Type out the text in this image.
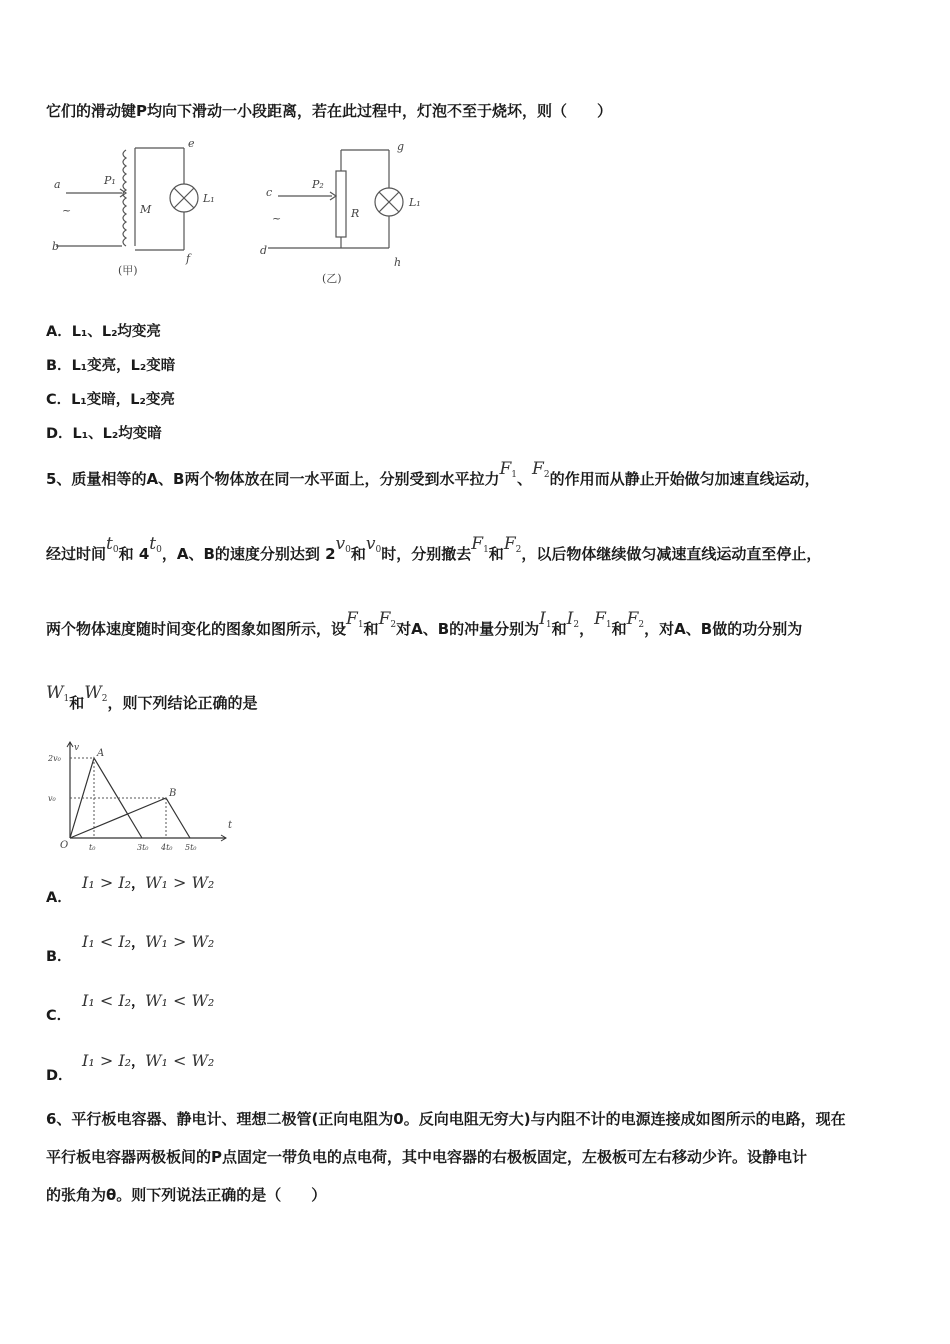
它们的滑动键P均向下滑动一小段距离，若在此过程中，灯泡不至于烧坏，则（　　）
a
~
b
P₁
M
e
L₁
f
(甲)
c
~
d
P₂
R
g
L₁
h
(乙)
A．L₁、L₂均变亮
B．L₁变亮，L₂变暗
C．L₁变暗，L₂变亮
D．L₁、L₂均变暗
5、质量相等的A、B两个物体放在同一水平面上，分别受到水平拉力$F_1$、$F_2$的作用而从静止开始做匀加速直线运动，
经过时间$t_0$和 $4t_0$，A、B的速度分别达到 $2v_0$和$v_0$时，分别撤去$F_1$和$F_2$，以后物体继续做匀减速直线运动直至停止，
两个物体速度随时间变化的图象如图所示，设$F_1$和$F_2$对A、B的冲量分别为$I_1$和$I_2$，$F_1$和$F_2$，对A、B做的功分别为
$W_1$和$W_2$，则下列结论正确的是
t
v
O
A
B
t₀	3t₀ 4t₀ 5t₀
2v₀
v₀
A．
I₁ > I₂，W₁ > W₂
B．
I₁ < I₂，W₁ > W₂
C．
I₁ < I₂，W₁ < W₂
D．
I₁ > I₂，W₁ < W₂
6、平行板电容器、静电计、理想二极管(正向电阻为0。反向电阻无穷大)与内阻不计的电源连接成如图所示的电路，现在
平行板电容器两极板间的P点固定一带负电的点电荷，其中电容器的右极板固定，左极板可左右移动少许。设静电计
的张角为θ。则下列说法正确的是（　　）
